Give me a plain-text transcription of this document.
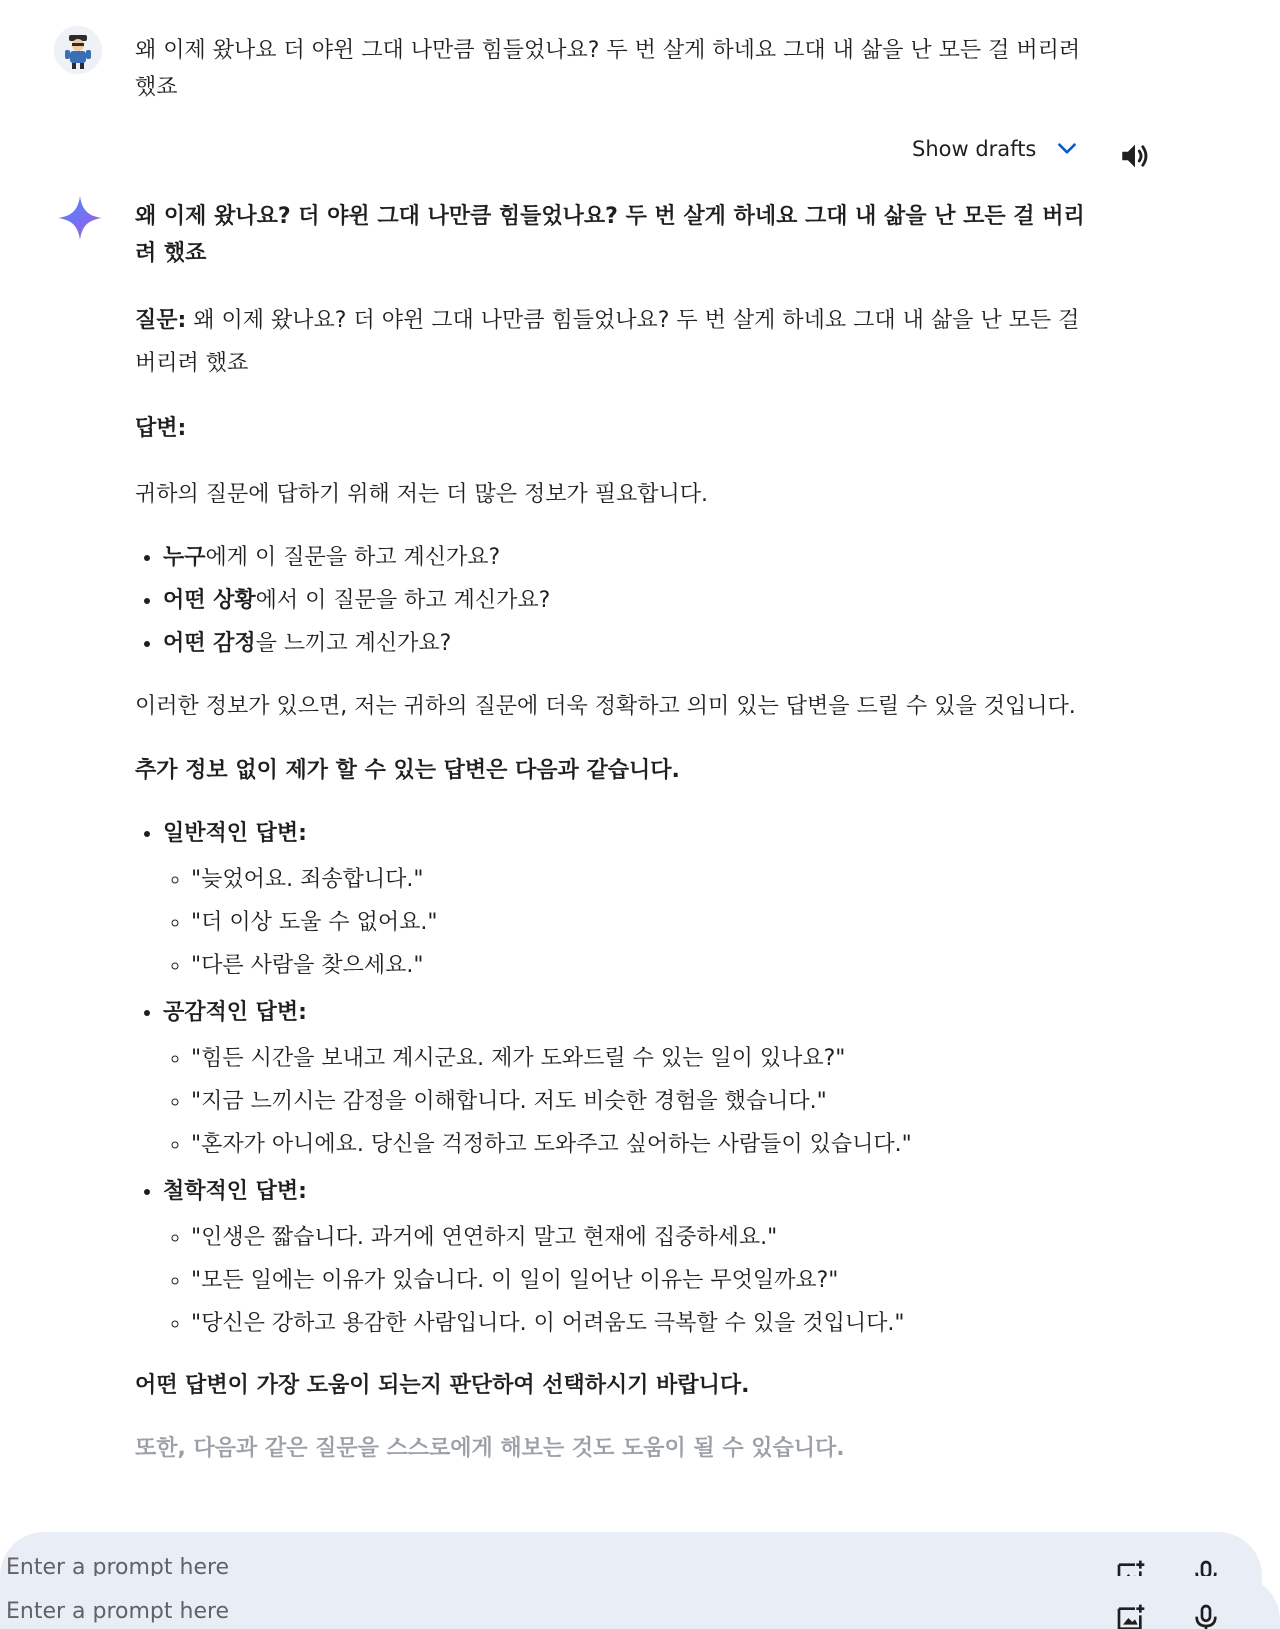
왜 이제 왔나요 더 야윈 그대 나만큼 힘들었나요? 두 번 살게 하네요 그대 내 삶을 난 모든 걸 버리려 했죠
Show drafts

왜 이제 왔나요? 더 야윈 그대 나만큼 힘들었나요? 두 번 살게 하네요 그대 내 삶을 난 모든 걸 버리려 했죠

질문: 왜 이제 왔나요? 더 야윈 그대 나만큼 힘들었나요? 두 번 살게 하네요 그대 내 삶을 난 모든 걸 버리려 했죠

답변:

귀하의 질문에 답하기 위해 저는 더 많은 정보가 필요합니다.

• 누구에게 이 질문을 하고 계신가요?
• 어떤 상황에서 이 질문을 하고 계신가요?
• 어떤 감정을 느끼고 계신가요?

이러한 정보가 있으면, 저는 귀하의 질문에 더욱 정확하고 의미 있는 답변을 드릴 수 있을 것입니다.

추가 정보 없이 제가 할 수 있는 답변은 다음과 같습니다.

• 일반적인 답변:
◦ "늦었어요. 죄송합니다."
◦ "더 이상 도울 수 없어요."
◦ "다른 사람을 찾으세요."
• 공감적인 답변:
◦ "힘든 시간을 보내고 계시군요. 제가 도와드릴 수 있는 일이 있나요?"
◦ "지금 느끼시는 감정을 이해합니다. 저도 비슷한 경험을 했습니다."
◦ "혼자가 아니에요. 당신을 걱정하고 도와주고 싶어하는 사람들이 있습니다."
• 철학적인 답변:
◦ "인생은 짧습니다. 과거에 연연하지 말고 현재에 집중하세요."
◦ "모든 일에는 이유가 있습니다. 이 일이 일어난 이유는 무엇일까요?"
◦ "당신은 강하고 용감한 사람입니다. 이 어려움도 극복할 수 있을 것입니다."

어떤 답변이 가장 도움이 되는지 판단하여 선택하시기 바랍니다.

또한, 다음과 같은 질문을 스스로에게 해보는 것도 도움이 될 수 있습니다.

Enter a prompt here
Enter a prompt here
